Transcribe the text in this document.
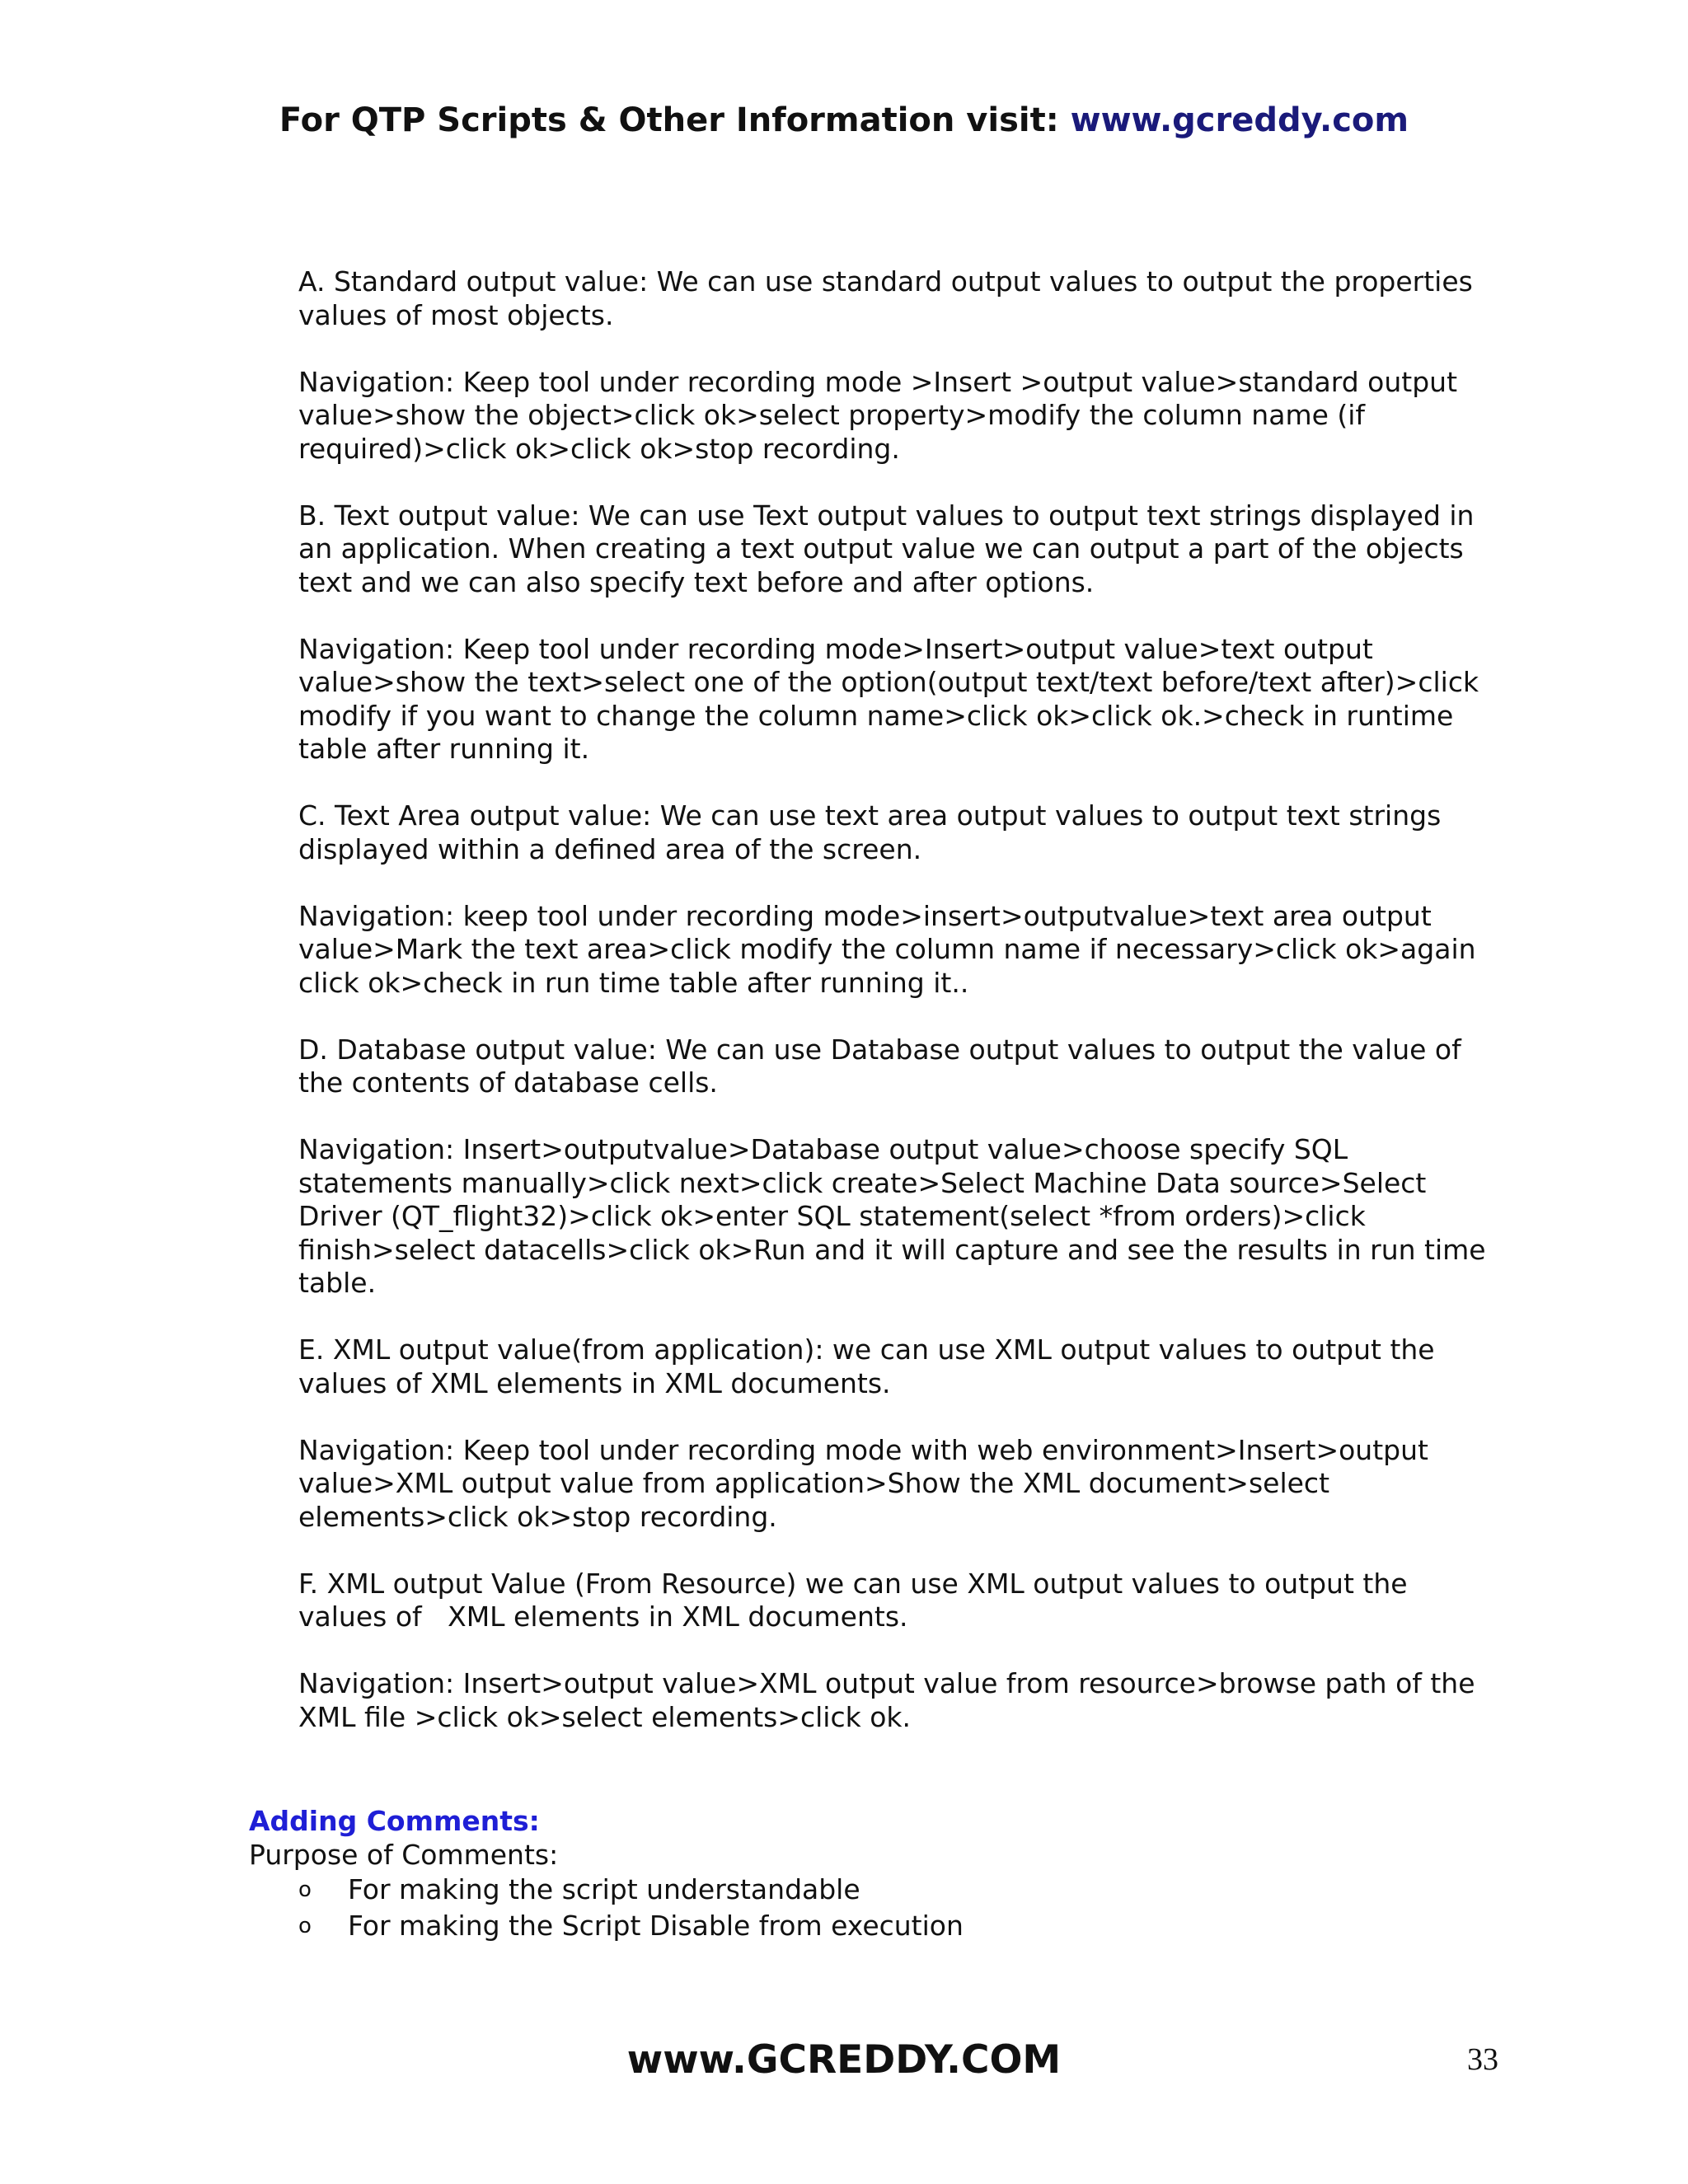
For QTP Scripts & Other Information visit: www.gcreddy.com

A. Standard output value: We can use standard output values to output the properties
values of most objects.

Navigation: Keep tool under recording mode >Insert >output value>standard output
value>show the object>click ok>select property>modify the column name (if
required)>click ok>click ok>stop recording.

B. Text output value: We can use Text output values to output text strings displayed in
an application. When creating a text output value we can output a part of the objects
text and we can also specify text before and after options.

Navigation: Keep tool under recording mode>Insert>output value>text output
value>show the text>select one of the option(output text/text before/text after)>click
modify if you want to change the column name>click ok>click ok.>check in runtime
table after running it.

C. Text Area output value: We can use text area output values to output text strings
displayed within a defined area of the screen.

Navigation: keep tool under recording mode>insert>outputvalue>text area output
value>Mark the text area>click modify the column name if necessary>click ok>again
click ok>check in run time table after running it..

D. Database output value: We can use Database output values to output the value of
the contents of database cells.

Navigation: Insert>outputvalue>Database output value>choose specify SQL
statements manually>click next>click create>Select Machine Data source>Select
Driver (QT_flight32)>click ok>enter SQL statement(select *from orders)>click
finish>select datacells>click ok>Run and it will capture and see the results in run time
table.

E. XML output value(from application): we can use XML output values to output the
values of XML elements in XML documents.

Navigation: Keep tool under recording mode with web environment>Insert>output
value>XML output value from application>Show the XML document>select
elements>click ok>stop recording.

F. XML output Value (From Resource) we can use XML output values to output the
values of   XML elements in XML documents.

Navigation: Insert>output value>XML output value from resource>browse path of the
XML file >click ok>select elements>click ok.

Adding Comments:

Purpose of Comments:

o For making the script understandable
o For making the Script Disable from execution
www.GCREDDY.COM	33
